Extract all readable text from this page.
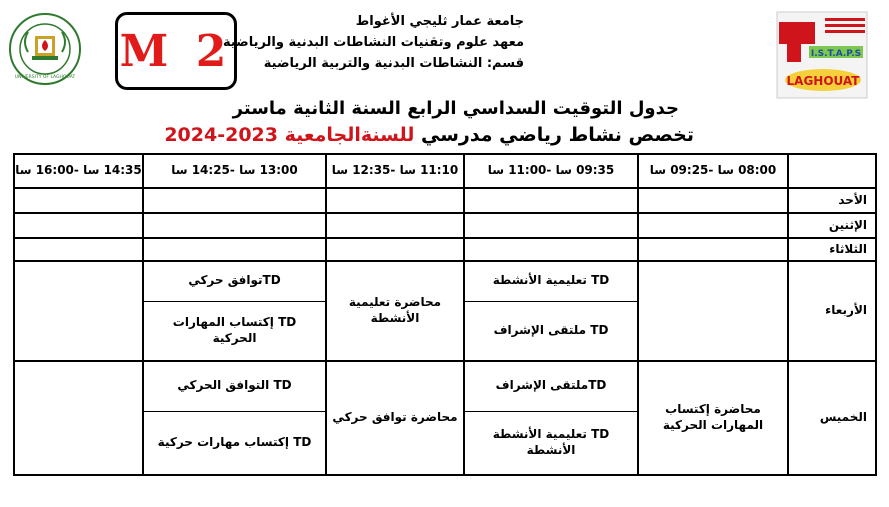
UNIVERSITY OF LAGHOUAT
M 2
جامعة عمار ثليجي الأغواط
معهد علوم وتقنيات النشاطات البدنية والرياضية
قسم: النشاطات البدنية والتربية الرياضية
I.S.T.A.P.S
LAGHOUAT
جدول التوقيت السداسي الرابع السنة الثانية ماستر
تخصص نشاط رياضي مدرسي للسنةالجامعية 2023-2024
14:35 سا -16:00 سا	13:00 سا -14:25 سا	11:10 سا -12:35 سا	09:35 سا -11:00 سا	08:00 سا -09:25 سا	
					الأحد
					الإثنين
					الثلاثاء

	TDتوافق حركي	محاضرة تعليمية الأنشطة	TD تعليمية الأنشطة		الأربعاء

	TD إكتساب المهارات الحركية		TD ملتقى الإشراف		

	TD التوافق الحركي	محاضرة توافق حركي	TDملتقى الإشراف	محاضرة إكتساب المهارات الحركية	الخميس

	TD إكتساب مهارات حركية		TD تعليمية الأنشطة الأنشطة		
